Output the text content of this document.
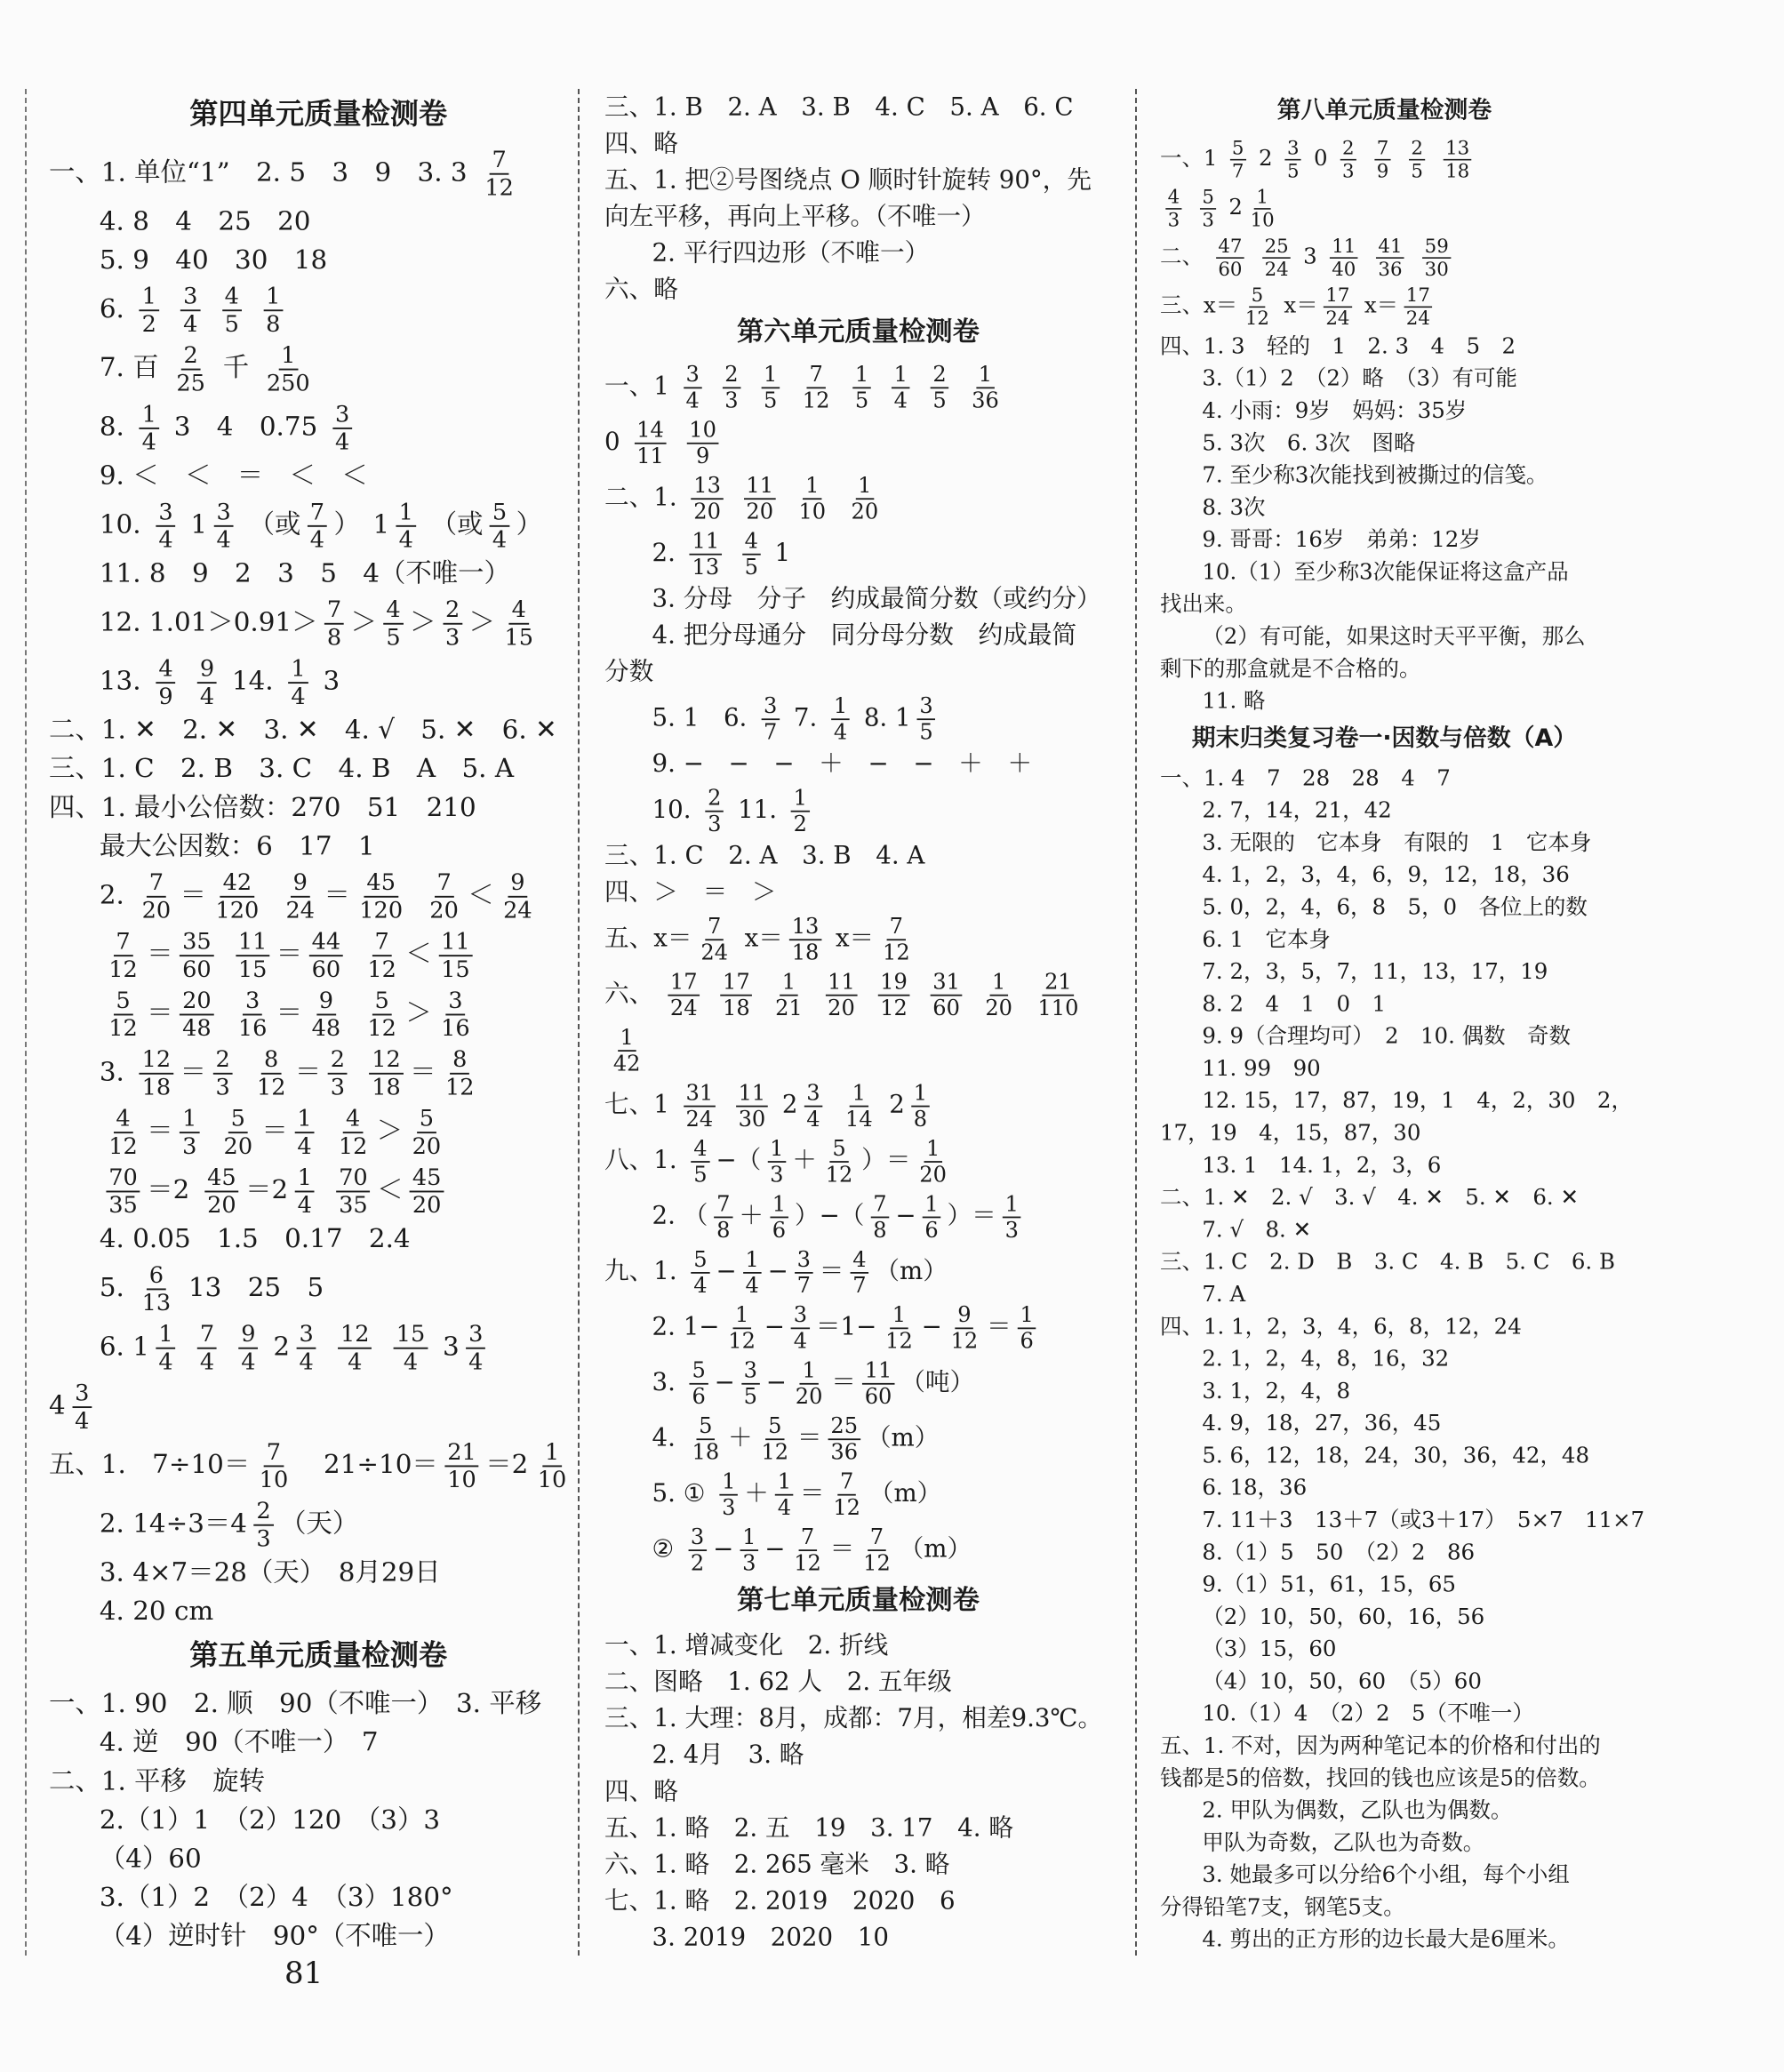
第四单元质量检测卷
一、1. 单位“1”　2. 5　3　9　3. $3 \frac{7}{12}$
4. 8　4　25　20
5. 9　40　30　18
6. $\frac{1}{2}$
$\frac{3}{4}$
$\frac{4}{5}$
$\frac{1}{8}$
7. 百 $\frac{2}{25}$ 千 $\frac{1}{250}$
8. $\frac{1}{4} 3$　4　$0.75 \frac{3}{4}$
9. ＜　＜　＝　＜　＜
10. $\frac{3}{4} 1 \frac{3}{4}$ （或 $\frac{7}{4}$ ）　$1 \frac{1}{4}$ （或 $\frac{5}{4}$ ）
11. 8　9　2　3　5　4（不唯一）
12. $1.01>0.91> \frac{7}{8} > \frac{4}{5} > \frac{2}{3} > \frac{4}{15}$
13. $\frac{4}{9}$
$\frac{9}{4} 14$. $\frac{1}{4} 3$
二、1. ✕　2. ✕　3. ✕　4. √　5. ✕　6. ✕
三、1. C　2. B　3. C　4. B　A　5. A
四、1. 最小公倍数：270　51　210
最大公因数：6　17　1
2. $\frac{7}{20} = \frac{42}{120}$
$\frac{9}{24} = \frac{45}{120}$
$\frac{7}{20} < \frac{9}{24}$
$\frac{7}{12} = \frac{35}{60}$
$\frac{11}{15} = \frac{44}{60}$
$\frac{7}{12} < \frac{11}{15}$
$\frac{5}{12} = \frac{20}{48}$
$\frac{3}{16} = \frac{9}{48}$
$\frac{5}{12} > \frac{3}{16}$
3. $\frac{12}{18} = \frac{2}{3}$
$\frac{8}{12} = \frac{2}{3}$
$\frac{12}{18} = \frac{8}{12}$
$\frac{4}{12} = \frac{1}{3}$
$\frac{5}{20} = \frac{1}{4}$
$\frac{4}{12} > \frac{5}{20}$
$\frac{70}{35} =2 \frac{45}{20} =2 \frac{1}{4}$
$\frac{70}{35} < \frac{45}{20}$
4. 0.05　1.5　0.17　2.4
5. $\frac{6}{13} 13$　25　5
6. $1 \frac{1}{4}$
$\frac{7}{4}$
$\frac{9}{4} 2 \frac{3}{4}$
$\frac{12}{4}$
$\frac{15}{4} 3 \frac{3}{4}$
$4 \frac{3}{4}$
五、1.　$7\div 10= \frac{7}{10}$ 　$21\div 10= \frac{21}{10} =2 \frac{1}{10}$
2. $14\div 3=4 \frac{2}{3}$ （天）
3. 4×7＝28（天）　8月29日
4. 20 cm
第五单元质量检测卷
一、1. 90　2. 顺　90（不唯一）　3. 平移
4. 逆　90（不唯一）　7
二、1. 平移　旋转
2.（1）1　（2）120　（3）3
（4）60
3.（1）2　（2）4　（3）180°
（4）逆时针　90°（不唯一）
三、1. B　2. A　3. B　4. C　5. A　6. C
四、略
五、1. 把②号图绕点 O 顺时针旋转 90°，先
向左平移，再向上平移。（不唯一）
2. 平行四边形（不唯一）
六、略
第六单元质量检测卷
一、$1 \frac{3}{4}$
$\frac{2}{3}$
$\frac{1}{5}$
$\frac{7}{12}$
$\frac{1}{5}$
$\frac{1}{4}$
$\frac{2}{5}$
$\frac{1}{36}$
$0 \frac{14}{11}$
$\frac{10}{9}$
二、1. $\frac{13}{20}$
$\frac{11}{20}$
$\frac{1}{10}$
$\frac{1}{20}$
2. $\frac{11}{13}$
$\frac{4}{5} 1$
3. 分母　分子　约成最简分数（或约分）
4. 把分母通分　同分母分数　约成最简
分数
5. 1　6. $\frac{3}{7} 7$. $\frac{1}{4} 8$. $1 \frac{3}{5}$
9. −　−　−　＋　−　−　＋　＋
10. $\frac{2}{3} 11$. $\frac{1}{2}$
三、1. C　2. A　3. B　4. A
四、＞　＝　＞
五、$x= \frac{7}{24} x= \frac{13}{18} x= \frac{7}{12}$
六、 $\frac{17}{24}$
$\frac{17}{18}$
$\frac{1}{21}$
$\frac{11}{20}$
$\frac{19}{12}$
$\frac{31}{60}$
$\frac{1}{20}$
$\frac{21}{110}$
$\frac{1}{42}$
七、$1 \frac{31}{24}$
$\frac{11}{30} 2 \frac{3}{4}$
$\frac{1}{14} 2 \frac{1}{8}$
八、1. $\frac{4}{5}$ −（ $\frac{1}{3} + \frac{5}{12}$ ）＝ $\frac{1}{20}$
2. （ $\frac{7}{8} + \frac{1}{6}$ ）−（ $\frac{7}{8} - \frac{1}{6}$ ）＝ $\frac{1}{3}$
九、1. $\frac{5}{4} - \frac{1}{4} - \frac{3}{7} = \frac{4}{7} (m)$
2. $1- \frac{1}{12} - \frac{3}{4} =1- \frac{1}{12} - \frac{9}{12} = \frac{1}{6}$
3. $\frac{5}{6} - \frac{3}{5} - \frac{1}{20} = \frac{11}{60}$ （吨）
4. $\frac{5}{18} + \frac{5}{12} = \frac{25}{36} (m)$
5. ① $\frac{1}{3} + \frac{1}{4} = \frac{7}{12} (m)$
② $\frac{3}{2} - \frac{1}{3} - \frac{7}{12} = \frac{7}{12} (m)$
第七单元质量检测卷
一、1. 增减变化　2. 折线
二、图略　1. 62 人　2. 五年级
三、1. 大理：8月，成都：7月，相差9.3℃。
2. 4月　3. 略
四、略
五、1. 略　2. 五　19　3. 17　4. 略
六、1. 略　2. 265 毫米　3. 略
七、1. 略　2. 2019　2020　6
3. 2019　2020　10
第八单元质量检测卷
一、$1 \frac{5}{7} 2 \frac{3}{5} 0 \frac{2}{3}$
$\frac{7}{9}$
$\frac{2}{5}$
$\frac{13}{18}$
$\frac{4}{3}$
$\frac{5}{3} 2 \frac{1}{10}$
二、 $\frac{47}{60}$
$\frac{25}{24} 3 \frac{11}{40}$
$\frac{41}{36}$
$\frac{59}{30}$
三、$x= \frac{5}{12} x= \frac{17}{24} x= \frac{17}{24}$
四、1. 3　轻的　1　2. 3　4　5　2
3.（1）2　（2）略　（3）有可能
4. 小雨：9岁　妈妈：35岁
5. 3次　6. 3次　图略
7. 至少称3次能找到被撕过的信笺。
8. 3次
9. 哥哥：16岁　弟弟：12岁
10.（1）至少称3次能保证将这盒产品
找出来。
（2）有可能，如果这时天平平衡，那么
剩下的那盒就是不合格的。
11. 略
期末归类复习卷一·因数与倍数（A）
一、1. 4　7　28　28　4　7
2. 7，14，21，42
3. 无限的　它本身　有限的　1　它本身
4. 1，2，3，4，6，9，12，18，36
5. 0，2，4，6，8　5，0　各位上的数
6. 1　它本身
7. 2，3，5，7，11，13，17，19
8. 2　4　1　0　1
9. 9（合理均可）　2　10. 偶数　奇数
11. 99　90
12. 15，17，87，19，1　4，2，30　2，
17，19　4，15，87，30
13. 1　14. 1，2，3，6
二、1. ✕　2. √　3. √　4. ✕　5. ✕　6. ✕
7. √　8. ✕
三、1. C　2. D　B　3. C　4. B　5. C　6. B
7. A
四、1. 1，2，3，4，6，8，12，24
2. 1，2，4，8，16，32
3. 1，2，4，8
4. 9，18，27，36，45
5. 6，12，18，24，30，36，42，48
6. 18，36
7. 11＋3　13＋7（或3＋17）　5×7　11×7
8.（1）5　50　（2）2　86
9.（1）51，61，15，65
（2）10，50，60，16，56
（3）15，60
（4）10，50，60　（5）60
10.（1）4　（2）2　5（不唯一）
五、1. 不对，因为两种笔记本的价格和付出的
钱都是5的倍数，找回的钱也应该是5的倍数。
2. 甲队为偶数，乙队也为偶数。
甲队为奇数，乙队也为奇数。
3. 她最多可以分给6个小组，每个小组
分得铅笔7支，钢笔5支。
4. 剪出的正方形的边长最大是6厘米。
81
